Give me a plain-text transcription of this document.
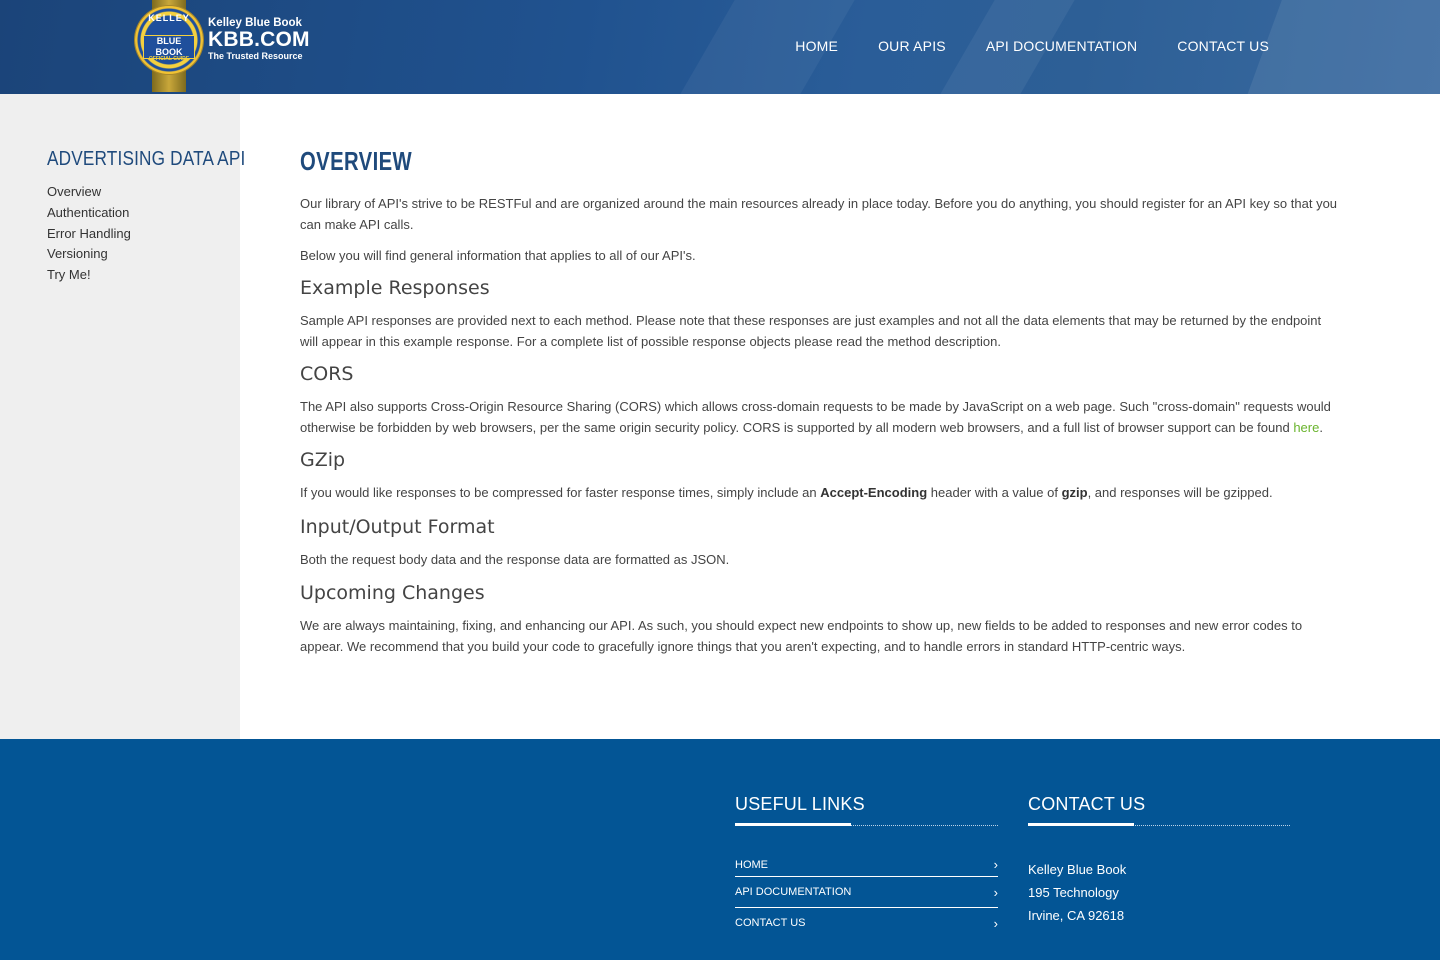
KELLEY
BLUE BOOK
OFFICIAL GUIDE
Kelley Blue Book
KBB.COM
The Trusted Resource
HOME	OUR APIS	API DOCUMENTATION	CONTACT US
ADVERTISING DATA API
Overview
Authentication
Error Handling
Versioning
Try Me!
OVERVIEW

Our library of API's strive to be RESTFul and are organized around the main resources already in place today. Before you do anything, you should register for an API key so that you can make API calls.

Below you will find general information that applies to all of our API's.

Example Responses

Sample API responses are provided next to each method. Please note that these responses are just examples and not all the data elements that may be returned by the endpoint will appear in this example response. For a complete list of possible response objects please read the method description.

CORS

The API also supports Cross-Origin Resource Sharing (CORS) which allows cross-domain requests to be made by JavaScript on a web page. Such "cross-domain" requests would otherwise be forbidden by web browsers, per the same origin security policy. CORS is supported by all modern web browsers, and a full list of browser support can be found here.

GZip

If you would like responses to be compressed for faster response times, simply include an Accept-Encoding header with a value of gzip, and responses will be gzipped.

Input/Output Format

Both the request body data and the response data are formatted as JSON.

Upcoming Changes

We are always maintaining, fixing, and enhancing our API. As such, you should expect new endpoints to show up, new fields to be added to responses and new error codes to appear. We recommend that you build your code to gracefully ignore things that you aren't expecting, and to handle errors in standard HTTP-centric ways.

USEFUL LINKS
HOME	›
API DOCUMENTATION	›
CONTACT US	›
CONTACT US
Kelley Blue Book
195 Technology
Irvine, CA 92618
